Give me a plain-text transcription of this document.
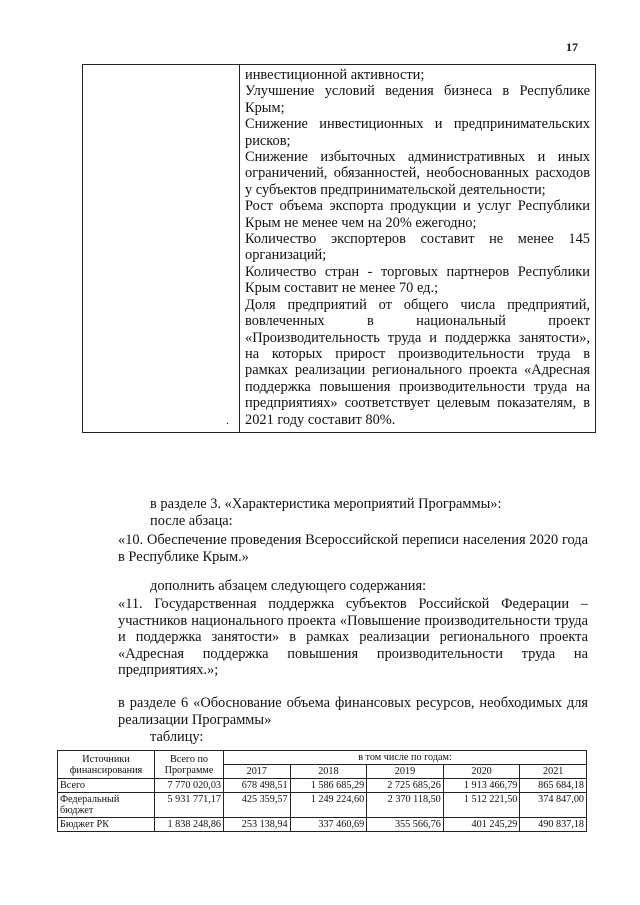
17
.

инвестиционной активности;

Улучшение условий ведения бизнеса в Республике Крым;

Снижение инвестиционных и предпринимательских рисков;

Снижение избыточных административных и иных ограничений, обязанностей, необоснованных расходов у субъектов предпринимательской деятельности;

Рост объема экспорта продукции и услуг Республики Крым не менее чем на 20% ежегодно;

Количество экспортеров составит не менее 145 организаций;

Количество стран - торговых партнеров Республики Крым составит не менее 70 ед.;

Доля предприятий от общего числа предприятий, вовлеченных в национальный проект «Производительность труда и поддержка занятости», на которых прирост производительности труда в рамках реализации регионального проекта «Адресная поддержка повышения производительности труда на предприятиях» соответствует целевым показателям, в 2021 году составит 80%.

в разделе 3. «Характеристика мероприятий Программы»:

после абзаца:

«10. Обеспечение проведения Всероссийской переписи населения 2020 года в Республике Крым.»

дополнить абзацем следующего содержания:

«11. Государственная поддержка субъектов Российской Федерации – участников национального проекта «Повышение производительности труда и поддержка занятости» в рамках реализации регионального проекта «Адресная поддержка повышения производительности труда на предприятиях.»;

в разделе 6 «Обоснование объема финансовых ресурсов, необходимых для реализации Программы»

таблицу:

Источники финансирования	Всего по Программе	в том числе по годам:				
		2017	2018	2019	2020	2021
Всего	7 770 020,03	678 498,51	1 586 685,29	2 725 685,26	1 913 466,79	865 684,18
Федеральный бюджет	5 931 771,17	425 359,57	1 249 224,60	2 370 118,50	1 512 221,50	374 847,00
Бюджет РК	1 838 248,86	253 138,94	337 460,69	355 566,76	401 245,29	490 837,18
